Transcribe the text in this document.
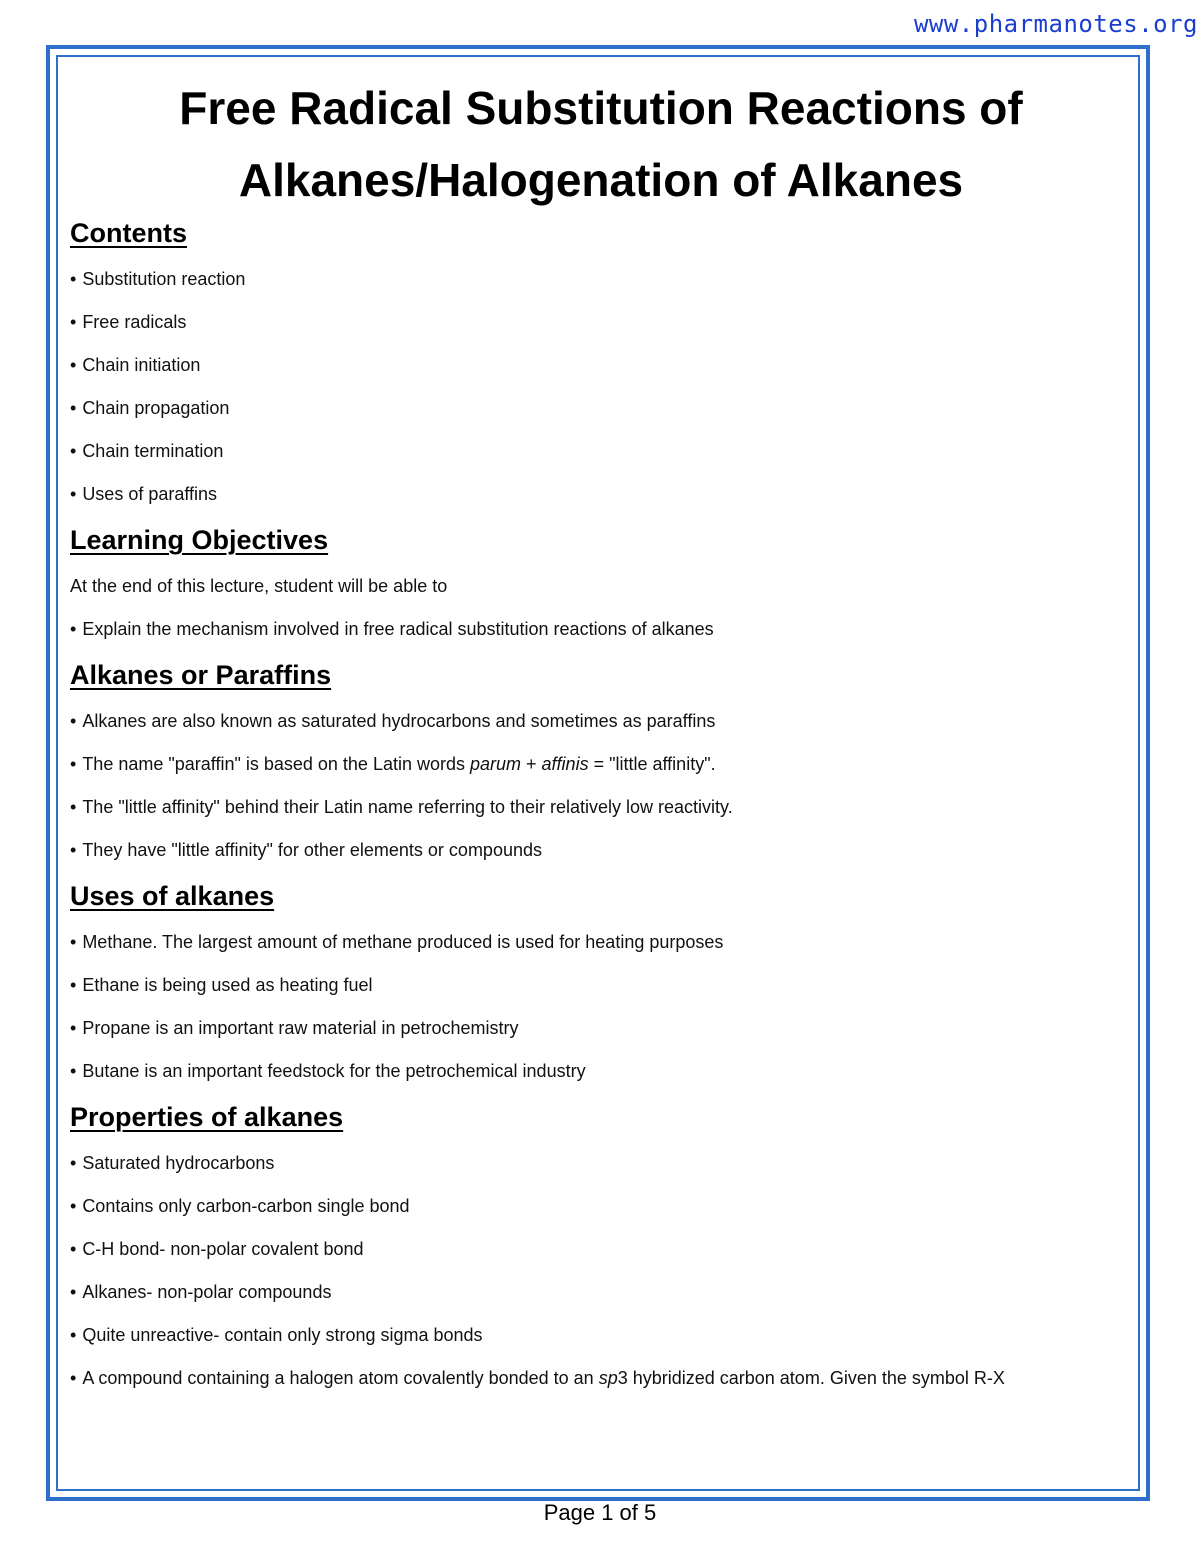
www.pharmanotes.org
Free Radical Substitution Reactions of
Alkanes/Halogenation of Alkanes
Contents

• Substitution reaction

• Free radicals

• Chain initiation

• Chain propagation

• Chain termination

• Uses of paraffins

Learning Objectives

At the end of this lecture, student will be able to

• Explain the mechanism involved in free radical substitution reactions of alkanes

Alkanes or Paraffins

• Alkanes are also known as saturated hydrocarbons and sometimes as paraffins

• The name "paraffin" is based on the Latin words parum + affinis = "little affinity".

• The "little affinity" behind their Latin name referring to their relatively low reactivity.

• They have "little affinity" for other elements or compounds

Uses of alkanes

• Methane. The largest amount of methane produced is used for heating purposes

• Ethane is being used as heating fuel

• Propane is an important raw material in petrochemistry

• Butane is an important feedstock for the petrochemical industry

Properties of alkanes

• Saturated hydrocarbons

• Contains only carbon-carbon single bond

• C-H bond- non-polar covalent bond

• Alkanes- non-polar compounds

• Quite unreactive- contain only strong sigma bonds

• A compound containing a halogen atom covalently bonded to an sp3 hybridized carbon atom. Given the symbol R-X

Page 1 of 5
